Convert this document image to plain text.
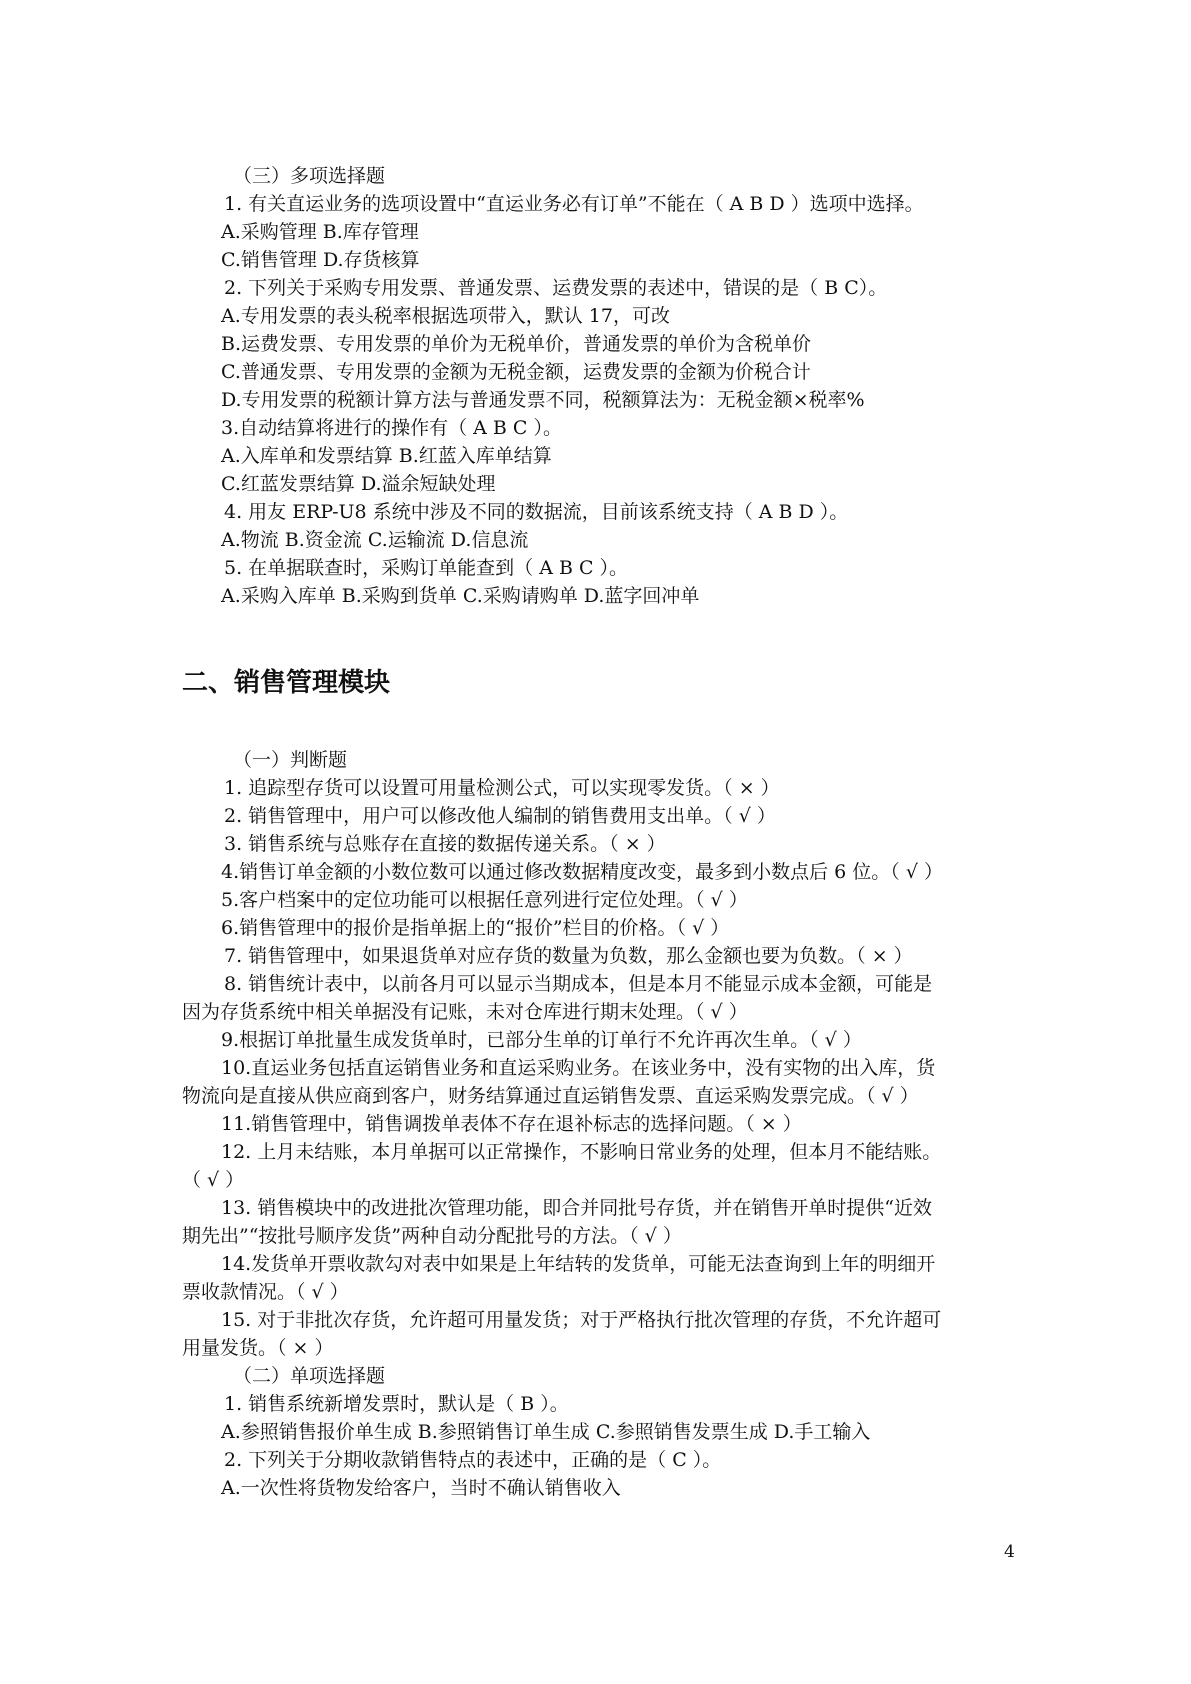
（三）多项选择题
1. 有关直运业务的选项设置中“直运业务必有订单”不能在（ A B D ）选项中选择。
A.采购管理 B.库存管理
C.销售管理 D.存货核算
2. 下列关于采购专用发票、普通发票、运费发票的表述中，错误的是（ B C）。
A.专用发票的表头税率根据选项带入，默认 17，可改
B.运费发票、专用发票的单价为无税单价，普通发票的单价为含税单价
C.普通发票、专用发票的金额为无税金额，运费发票的金额为价税合计
D.专用发票的税额计算方法与普通发票不同，税额算法为：无税金额×税率%
3.自动结算将进行的操作有（ A B C ）。
A.入库单和发票结算 B.红蓝入库单结算
C.红蓝发票结算 D.溢余短缺处理
4. 用友 ERP-U8 系统中涉及不同的数据流，目前该系统支持（ A B D ）。
A.物流 B.资金流 C.运输流 D.信息流
5. 在单据联查时，采购订单能查到（ A B C ）。
A.采购入库单 B.采购到货单 C.采购请购单 D.蓝字回冲单
二、销售管理模块
（一）判断题
1. 追踪型存货可以设置可用量检测公式，可以实现零发货。（ × ）
2. 销售管理中，用户可以修改他人编制的销售费用支出单。（ √ ）
3. 销售系统与总账存在直接的数据传递关系。（ × ）
4.销售订单金额的小数位数可以通过修改数据精度改变，最多到小数点后 6 位。（ √ ）
5.客户档案中的定位功能可以根据任意列进行定位处理。（ √ ）
6.销售管理中的报价是指单据上的“报价”栏目的价格。（ √ ）
7. 销售管理中，如果退货单对应存货的数量为负数，那么金额也要为负数。（ × ）
8. 销售统计表中，以前各月可以显示当期成本，但是本月不能显示成本金额，可能是
因为存货系统中相关单据没有记账，未对仓库进行期末处理。（ √ ）
9.根据订单批量生成发货单时，已部分生单的订单行不允许再次生单。（ √ ）
10.直运业务包括直运销售业务和直运采购业务。在该业务中，没有实物的出入库，货
物流向是直接从供应商到客户，财务结算通过直运销售发票、直运采购发票完成。（ √ ）
11.销售管理中，销售调拨单表体不存在退补标志的选择问题。（ × ）
12. 上月未结账，本月单据可以正常操作，不影响日常业务的处理，但本月不能结账。
（ √ ）
13. 销售模块中的改进批次管理功能，即合并同批号存货，并在销售开单时提供“近效
期先出”“按批号顺序发货”两种自动分配批号的方法。（ √ ）
14.发货单开票收款勾对表中如果是上年结转的发货单，可能无法查询到上年的明细开
票收款情况。（ √ ）
15. 对于非批次存货，允许超可用量发货；对于严格执行批次管理的存货，不允许超可
用量发货。（ × ）
（二）单项选择题
1. 销售系统新增发票时，默认是（ B ）。
A.参照销售报价单生成 B.参照销售订单生成 C.参照销售发票生成 D.手工输入
2. 下列关于分期收款销售特点的表述中，正确的是（ C ）。
A.一次性将货物发给客户，当时不确认销售收入
4
